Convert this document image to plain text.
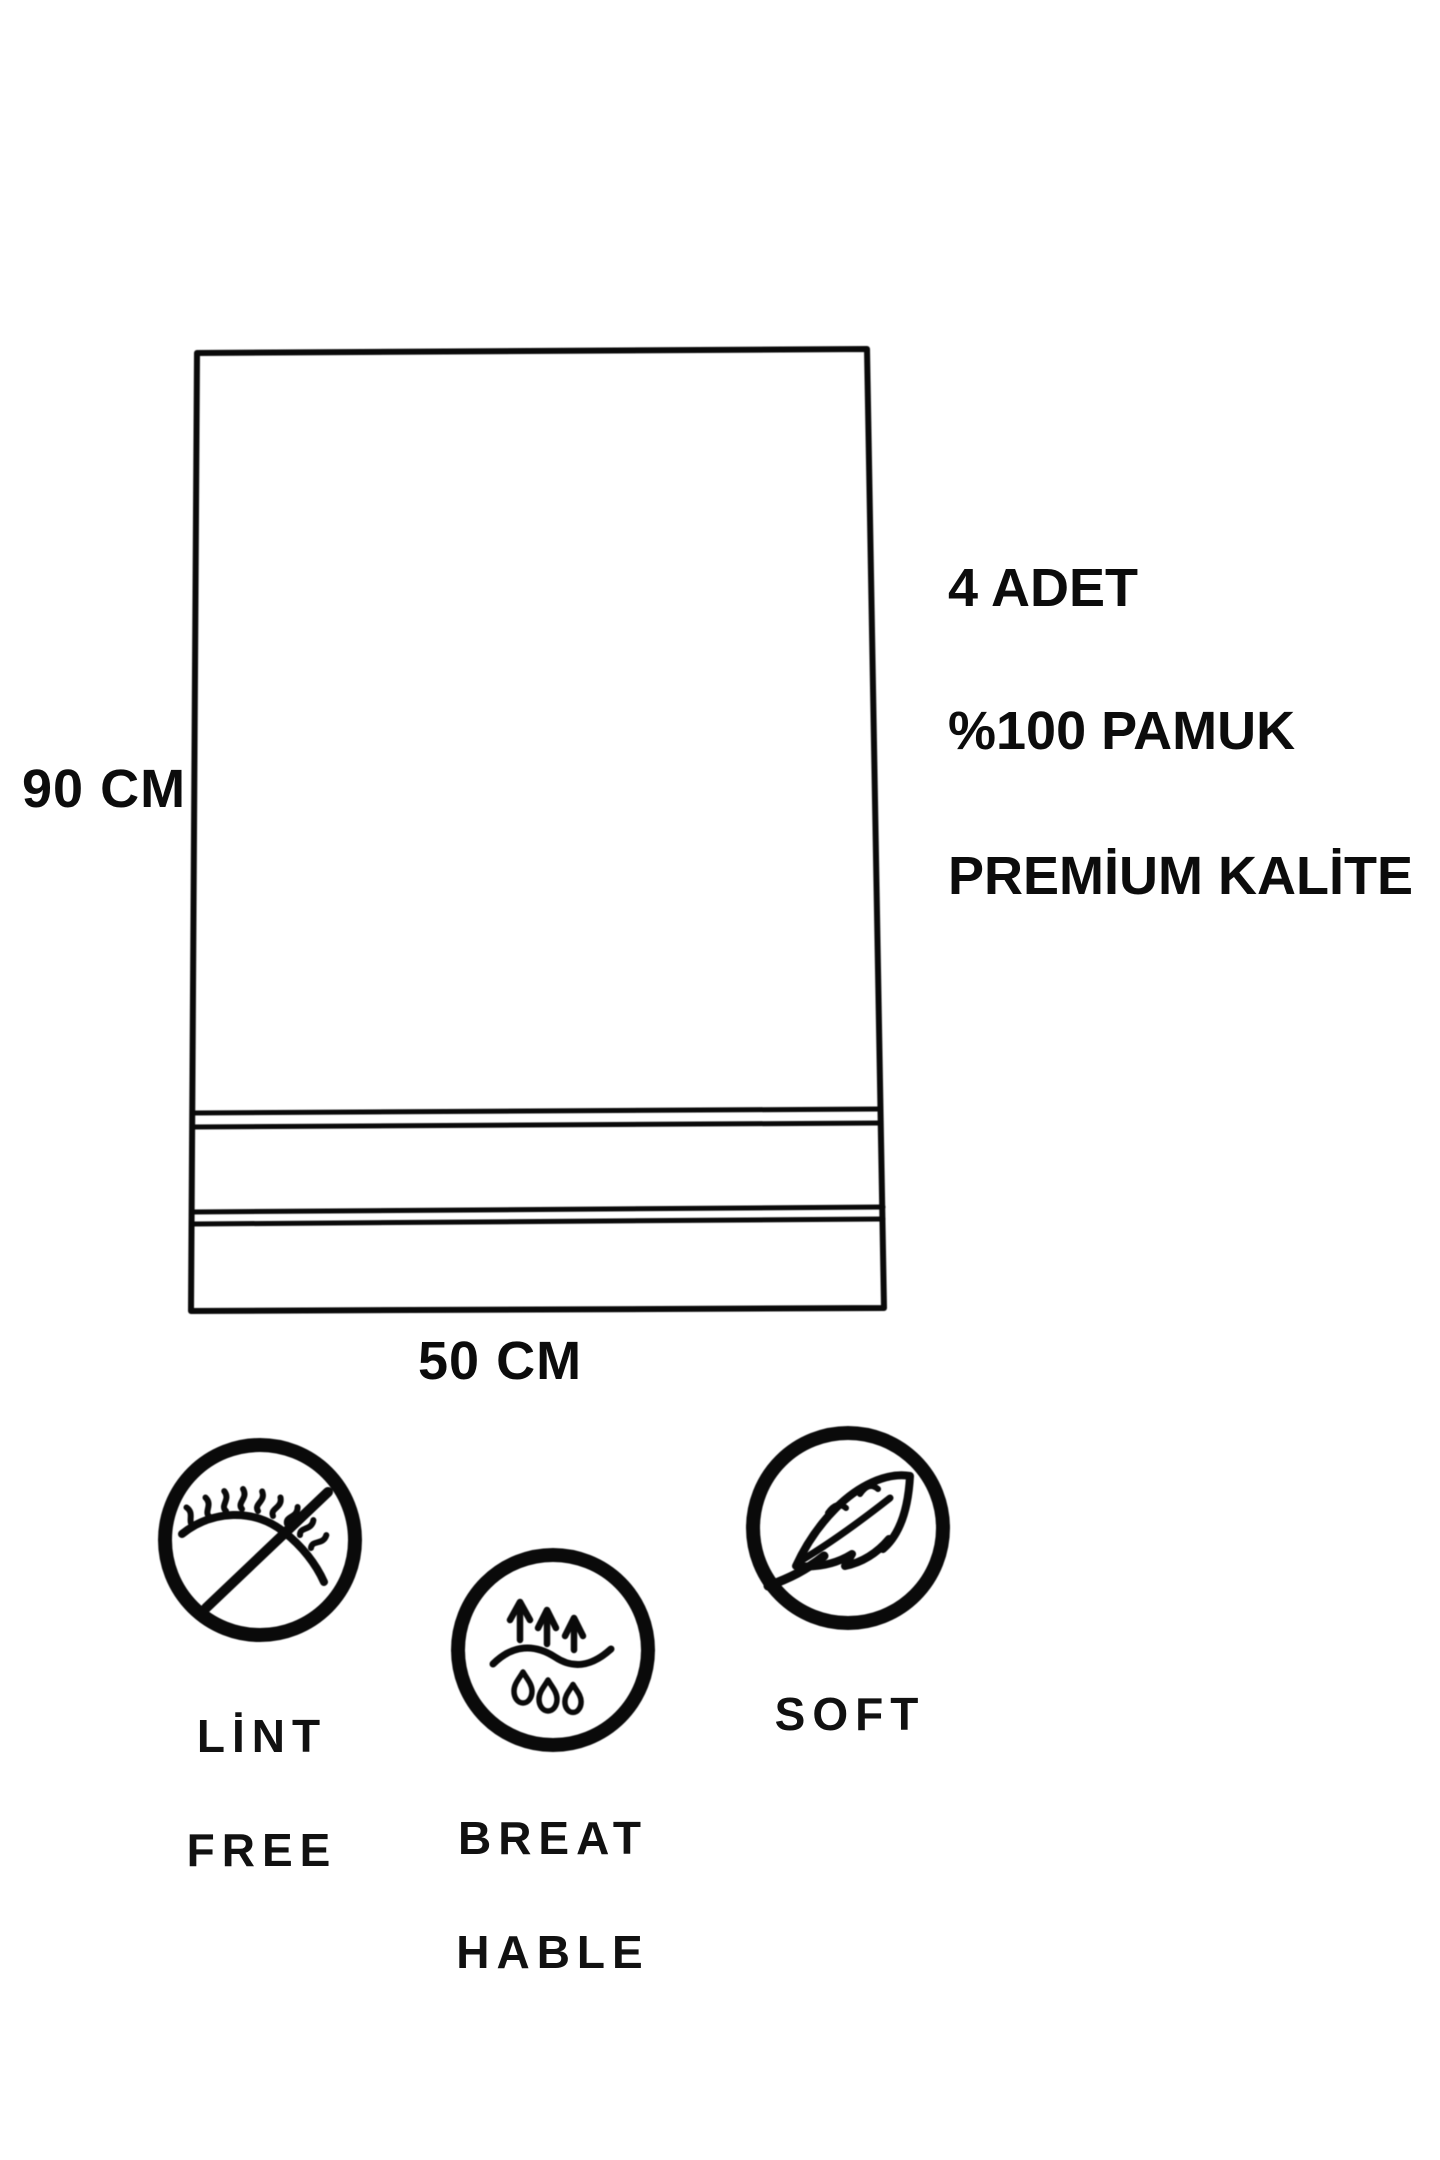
90 CM
50 CM
4 ADET
%100 PAMUK
PREMİUM KALİTE

LİNT

FREE	BREAT

HABLE

SOFT
